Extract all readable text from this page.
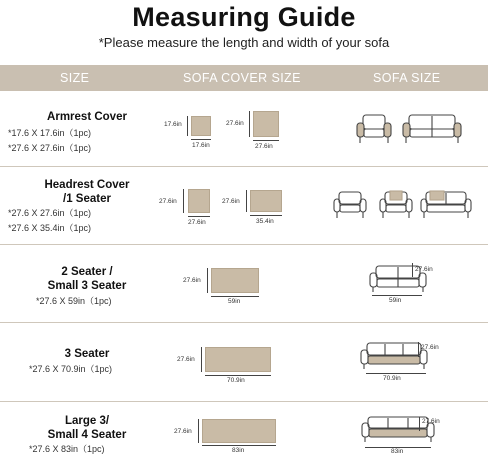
Measuring Guide
*Please measure the length and width of your sofa
SIZE	SOFA COVER SIZE	SOFA SIZE
Armrest Cover
*17.6 X 17.6in（1pc)
*27.6 X 27.6in（1pc)
17.6in
17.6in
27.6in
27.6in
Headrest Cover
/1 Seater
*27.6 X 27.6in（1pc)
*27.6 X 35.4in（1pc)
27.6in
27.6in
27.6in
35.4in
2 Seater /
Small 3 Seater
*27.6 X 59in（1pc)
27.6in
59in
27.6in
59in
3 Seater
*27.6 X 70.9in（1pc)
27.6in
70.9in
27.6in
70.9in
Large 3/
Small 4 Seater
*27.6 X 83in（1pc)
27.6in
83in
27.6in
83in
